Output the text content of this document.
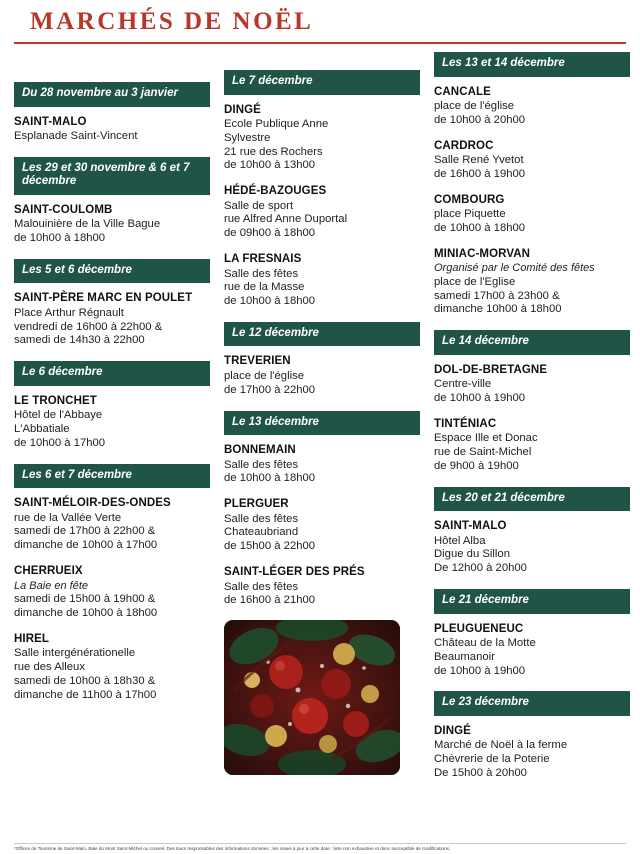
MARCHÉS DE NOËL
Du 28 novembre au 3 janvier
SAINT-MALO

Esplanade Saint-Vincent

Les 29 et 30 novembre & 6 et 7 décembre
SAINT-COULOMB

Malouinière de la Ville Bague

de 10h00 à 18h00

Les 5 et 6 décembre
SAINT-PÈRE MARC EN POULET

Place Arthur Régnault

vendredi de 16h00 à 22h00 &

samedi de 14h30 à 22h00

Le 6 décembre
LE TRONCHET

Hôtel de l'Abbaye

L'Abbatiale

de 10h00 à 17h00

Les 6 et 7 décembre
SAINT-MÉLOIR-DES-ONDES

rue de la Vallée Verte

samedi de 17h00 à 22h00 &

dimanche de 10h00 à 17h00

CHERRUEIX

La Baie en fête

samedi de 15h00 à 19h00 &

dimanche de 10h00 à 18h00

HIREL

Salle intergénérationelle

rue des Alleux

samedi de 10h00 à 18h30 &

dimanche de 11h00 à 17h00

Le 7 décembre
DINGÉ

Ecole Publique Anne

Sylvestre

21 rue des Rochers

de 10h00 à 13h00

HÉDÉ-BAZOUGES

Salle de sport

rue Alfred Anne Duportal

de 09h00 à 18h00

LA FRESNAIS

Salle des fêtes

rue de la Masse

de 10h00 à 18h00

Le 12 décembre
TREVERIEN

place de l'église

de 17h00 à 22h00

Le 13 décembre
BONNEMAIN

Salle des fêtes

de 10h00 à 18h00

PLERGUER

Salle des fêtes

Chateaubriand

de 15h00 à 22h00

SAINT-LÉGER DES PRÉS

Salle des fêtes

de 16h00 à 21h00

Les 13 et 14 décembre
CANCALE

place de l'église

de 10h00 à 20h00

CARDROC

Salle René Yvetot

de 16h00 à 19h00

COMBOURG

place Piquette

de 10h00 à 18h00

MINIAC-MORVAN

Organisé par le Comité des fêtes

place de l'Eglise

samedi 17h00 à 23h00 &

dimanche 10h00 à 18h00

Le 14 décembre
DOL-DE-BRETAGNE

Centre-ville

de 10h00 à 19h00

TINTÉNIAC

Espace Ille et Donac

rue de Saint-Michel

de 9h00 à 19h00

Les 20 et 21 décembre
SAINT-MALO

Hôtel Alba

Digue du Sillon

De 12h00 à 20h00

Le 21 décembre
PLEUGUENEUC

Château de la Motte

Beaumanoir

de 10h00 à 19h00

Le 23 décembre
DINGÉ

Marché de Noël à la ferme

Chèvrerie de la Poterie

De 15h00 à 20h00

*Offices de Tourisme de Saint-Malo, Baie du Mont Saint-Michel ou conseil. Des tours responsables des informations données ; les mises à jour à cette date ; liste non exhaustive et donc susceptible de modifications.
